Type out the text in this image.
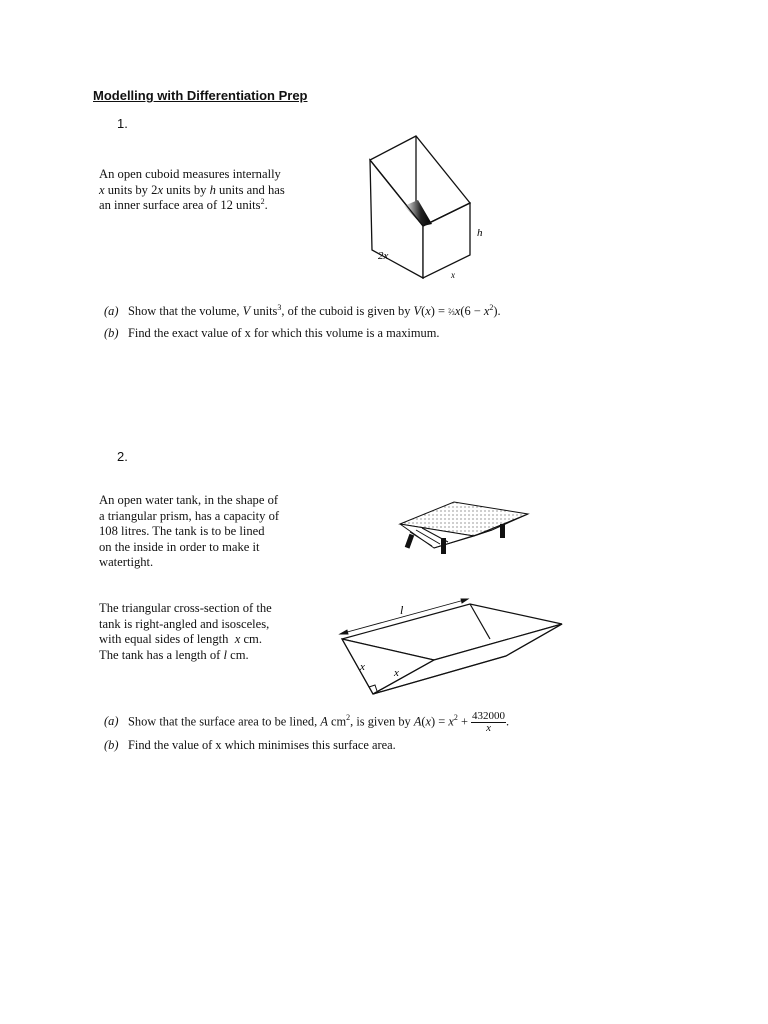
Modelling with Differentiation Prep
1.
An open cuboid measures internally
x units by 2x units by h units and has
an inner surface area of 12 units$^2$.
h
2x
x
(a) Show that the volume, V units$^3$, of the cuboid is given by V(x) = ⅔x(6 − $x^2$).
(b) Find the exact value of x for which this volume is a maximum.
2.
An open water tank, in the shape of
a triangular prism, has a capacity of
108 litres. The tank is to be lined
on the inside in order to make it
watertight.
The triangular cross-section of the
tank is right-angled and isosceles,
with equal sides of length  x cm.
The tank has a length of l cm.
l
x	x
(a) Show that the surface area to be lined, A $cm^2$, is given by $A(x) = x^2 + \frac{432000}{x}$ .
(b) Find the value of x which minimises this surface area.
